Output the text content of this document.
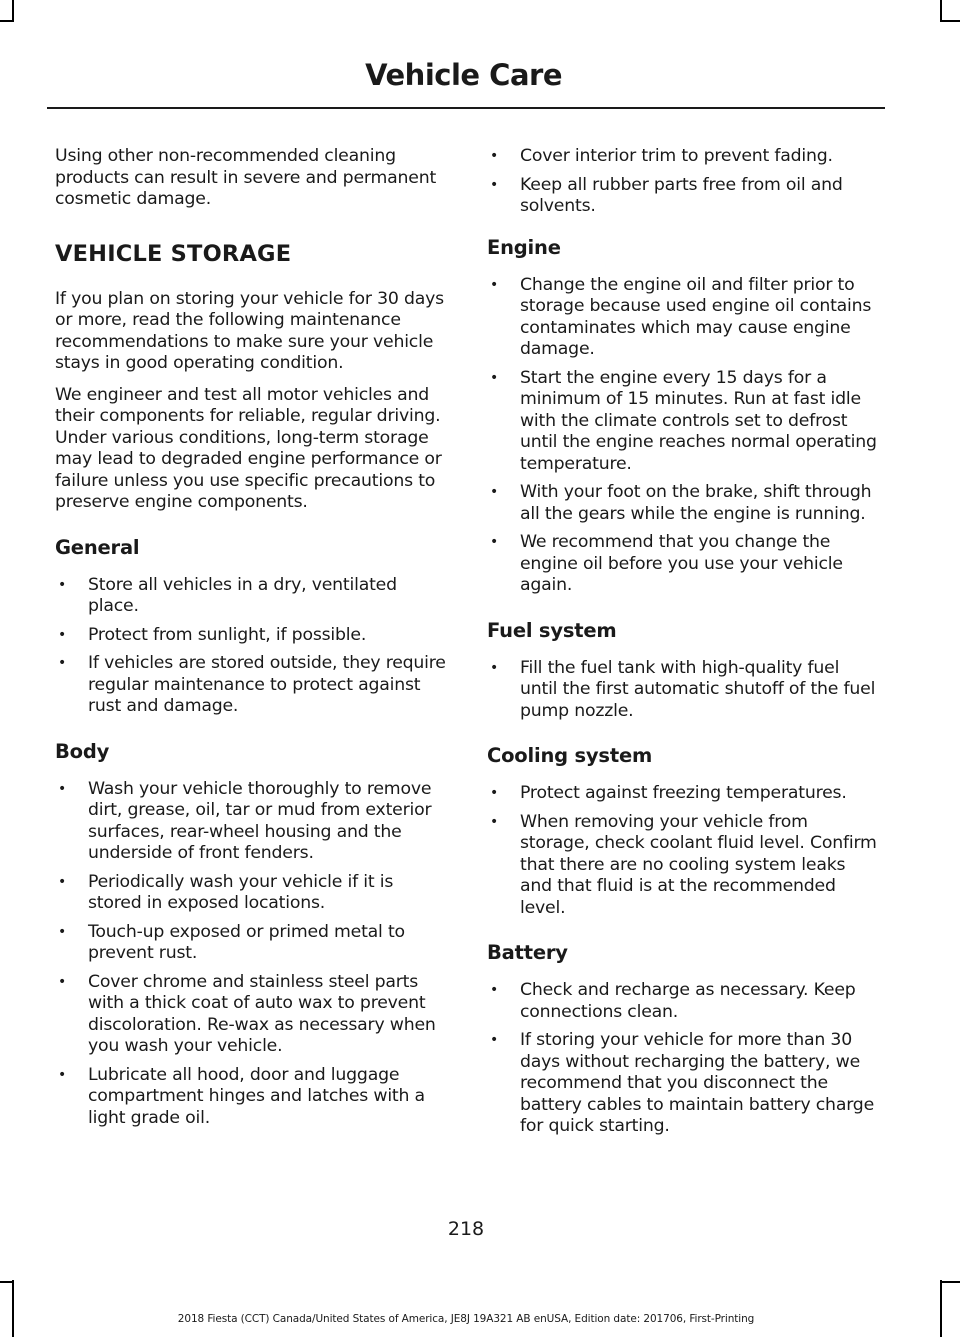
Vehicle Care

Using other non-recommended cleaning products can result in severe and permanent cosmetic damage.

VEHICLE STORAGE

If you plan on storing your vehicle for 30 days or more, read the following maintenance recommendations to make sure your vehicle stays in good operating condition.

We engineer and test all motor vehicles and their components for reliable, regular driving. Under various conditions, long-term storage may lead to degraded engine performance or failure unless you use specific precautions to preserve engine components.

General
• Store all vehicles in a dry, ventilated place.
• Protect from sunlight, if possible.
• If vehicles are stored outside, they require regular maintenance to protect against rust and damage.
Body
• Wash your vehicle thoroughly to remove dirt, grease, oil, tar or mud from exterior surfaces, rear-wheel housing and the underside of front fenders.
• Periodically wash your vehicle if it is stored in exposed locations.
• Touch-up exposed or primed metal to prevent rust.
• Cover chrome and stainless steel parts with a thick coat of auto wax to prevent discoloration. Re-wax as necessary when you wash your vehicle.
• Lubricate all hood, door and luggage compartment hinges and latches with a light grade oil.
• Cover interior trim to prevent fading.
• Keep all rubber parts free from oil and solvents.
Engine
• Change the engine oil and filter prior to storage because used engine oil contains contaminates which may cause engine damage.
• Start the engine every 15 days for a minimum of 15 minutes. Run at fast idle with the climate controls set to defrost until the engine reaches normal operating temperature.
• With your foot on the brake, shift through all the gears while the engine is running.
• We recommend that you change the engine oil before you use your vehicle again.
Fuel system
• Fill the fuel tank with high-quality fuel until the first automatic shutoff of the fuel pump nozzle.
Cooling system
• Protect against freezing temperatures.
• When removing your vehicle from storage, check coolant fluid level. Confirm that there are no cooling system leaks and that fluid is at the recommended level.
Battery
• Check and recharge as necessary. Keep connections clean.
• If storing your vehicle for more than 30 days without recharging the battery, we recommend that you disconnect the battery cables to maintain battery charge for quick starting.

218

2018 Fiesta (CCT) Canada/United States of America, JE8J 19A321 AB enUSA, Edition date: 201706, First-Printing
